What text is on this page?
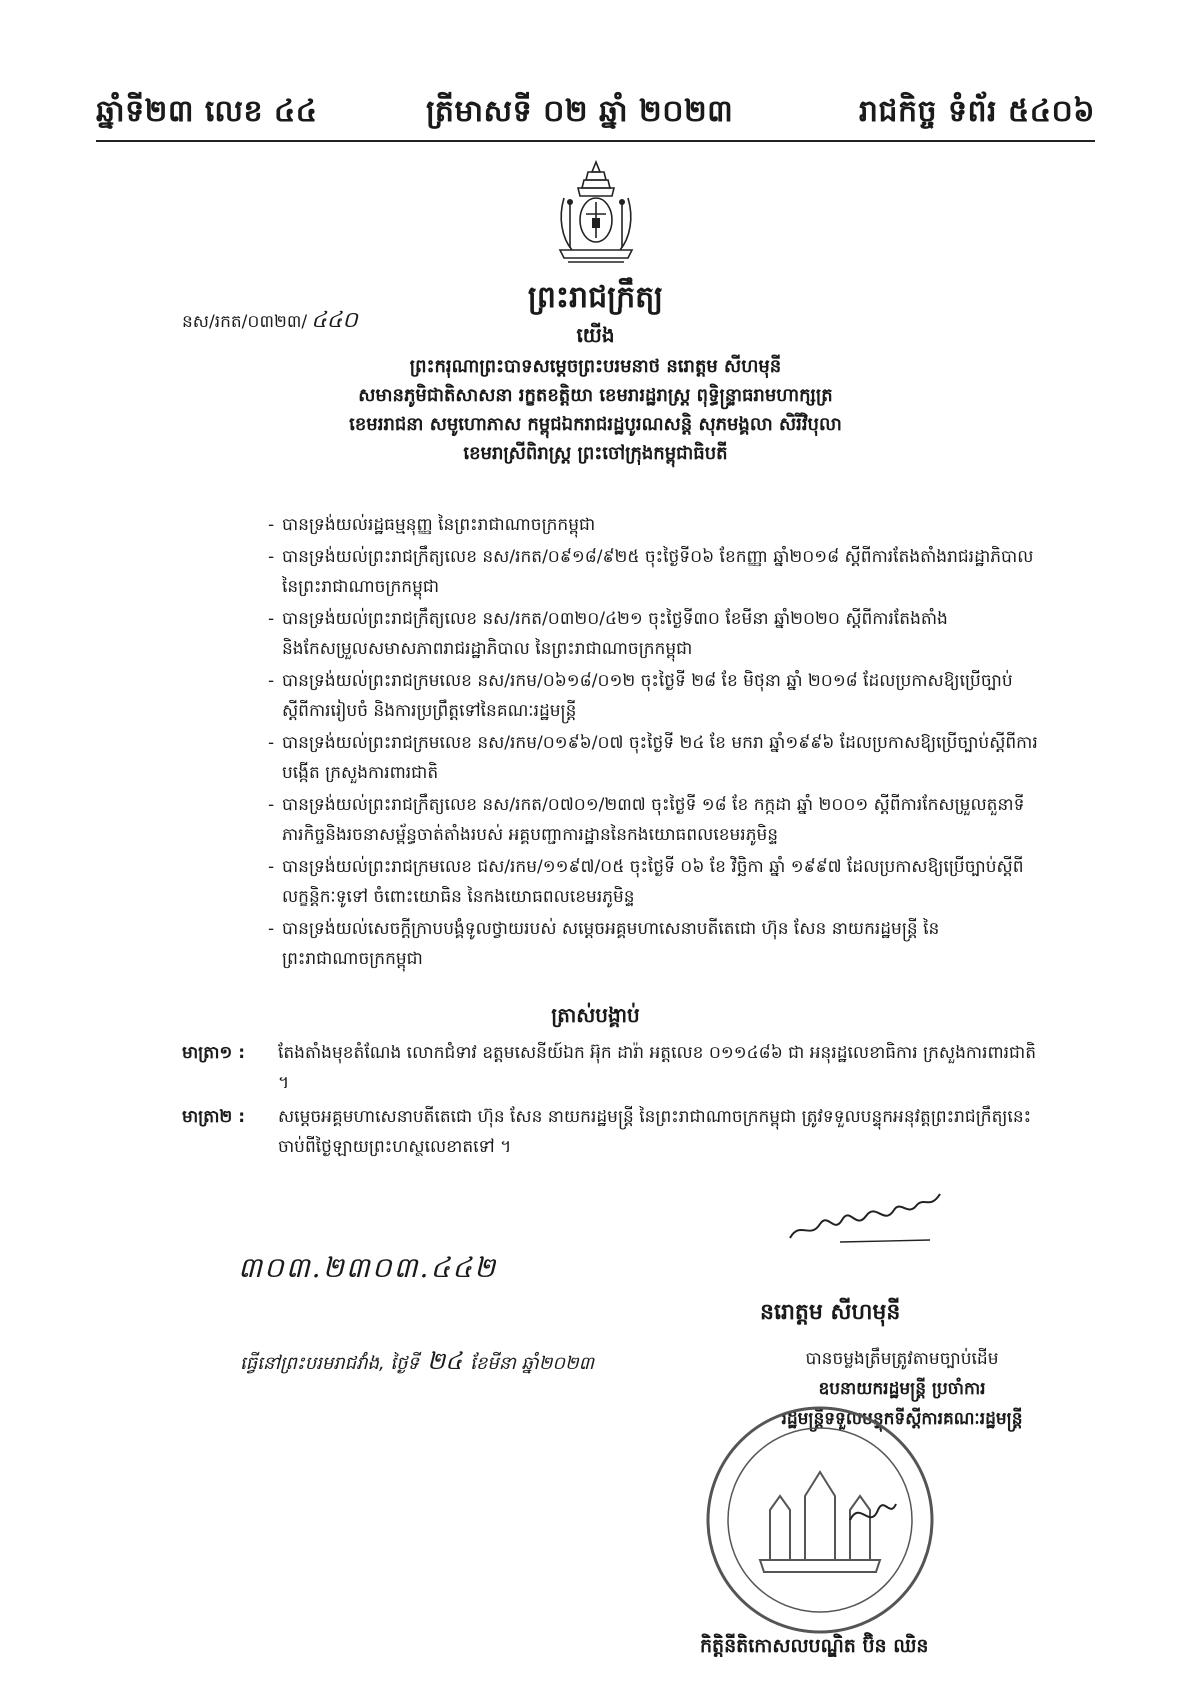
ឆ្នាំទី២៣ លេខ ៤៤	ត្រីមាសទី ០២ ឆ្នាំ ២០២៣	រាជកិច្ច ទំព័រ ៥៤០៦
ព្រះរាជក្រឹត្យ
នស/រកត/០៣២៣/ ៤៤០
យើង
ព្រះករុណាព្រះបាទសម្តេចព្រះបរមនាថ នរោត្តម សីហមុនី
សមានភូមិជាតិសាសនា រក្ខតខត្តិយា ខេមរារដ្ឋរាស្ត្រ ពុទ្ធិន្ទ្រាធរាមហាក្សត្រ
ខេមររាជនា សមូហោភាស កម្ពុជឯករាជរដ្ឋបូរណសន្តិ សុភមង្គលា សិរីវិបុលា
ខេមរាស្រីពិរាស្ត្រ ព្រះចៅក្រុងកម្ពុជាធិបតី
- បានទ្រង់យល់រដ្ឋធម្មនុញ្ញ នៃព្រះរាជាណាចក្រកម្ពុជា
- បានទ្រង់យល់ព្រះរាជក្រឹត្យលេខ នស/រកត/០៩១៨/៩២៥ ចុះថ្ងៃទី០៦ ខែកញ្ញា ឆ្នាំ២០១៨ ស្តីពីការតែងតាំងរាជរដ្ឋាភិបាល នៃព្រះរាជាណាចក្រកម្ពុជា
- បានទ្រង់យល់ព្រះរាជក្រឹត្យលេខ នស/រកត/០៣២០/៤២១ ចុះថ្ងៃទី៣០ ខែមីនា ឆ្នាំ២០២០ ស្តីពីការតែងតាំង និងកែសម្រួលសមាសភាពរាជរដ្ឋាភិបាល នៃព្រះរាជាណាចក្រកម្ពុជា
- បានទ្រង់យល់ព្រះរាជក្រមលេខ នស/រកម/០៦១៨/០១២ ចុះថ្ងៃទី ២៨ ខែ មិថុនា ឆ្នាំ ២០១៨ ដែលប្រកាសឱ្យប្រើច្បាប់ ស្តីពីការរៀបចំ និងការប្រព្រឹត្តទៅនៃគណៈរដ្ឋមន្ត្រី
- បានទ្រង់យល់ព្រះរាជក្រមលេខ នស/រកម/០១៩៦/០៧ ចុះថ្ងៃទី ២៤ ខែ មករា ឆ្នាំ១៩៩៦ ដែលប្រកាសឱ្យប្រើច្បាប់ស្តីពីការបង្កើត ក្រសួងការពារជាតិ
- បានទ្រង់យល់ព្រះរាជក្រឹត្យលេខ នស/រកត/០៧០១/២៣៧ ចុះថ្ងៃទី ១៨ ខែ កក្កដា ឆ្នាំ ២០០១ ស្តីពីការកែសម្រួលតួនាទីភារកិច្ចនិងរចនាសម្ព័ន្ធចាត់តាំងរបស់ អគ្គបញ្ជាការដ្ឋាននៃកងយោធពលខេមរភូមិន្ទ
- បានទ្រង់យល់ព្រះរាជក្រមលេខ ជស/រកម/១១៩៧/០៥ ចុះថ្ងៃទី ០៦ ខែ វិច្ឆិកា ឆ្នាំ ១៩៩៧ ដែលប្រកាសឱ្យប្រើច្បាប់ស្តីពីលក្ខន្តិកៈទូទៅ ចំពោះយោធិន នៃកងយោធពលខេមរភូមិន្ទ
- បានទ្រង់យល់សេចក្តីក្រាបបង្គំទូលថ្វាយរបស់ សម្តេចអគ្គមហាសេនាបតីតេជោ ហ៊ុន សែន នាយករដ្ឋមន្ត្រី នៃព្រះរាជាណាចក្រកម្ពុជា
ត្រាស់បង្គាប់
មាត្រា១ :	តែងតាំងមុខតំណែង លោកជំទាវ ឧត្តមសេនីយ៍ឯក អ៊ុក ដារ៉ា អត្តលេខ ០១១៤៨៦ ជា អនុរដ្ឋលេខាធិការ ក្រសួងការពារជាតិ ។
មាត្រា២ :	សម្តេចអគ្គមហាសេនាបតីតេជោ ហ៊ុន សែន នាយករដ្ឋមន្ត្រី នៃព្រះរាជាណាចក្រកម្ពុជា ត្រូវទទួលបន្ទុកអនុវត្តព្រះរាជក្រឹត្យនេះ ចាប់ពីថ្ងៃឡាយព្រះហស្ថលេខាតទៅ ។
៣០៣.២៣០៣.៤៤២
នរោត្តម សីហមុនី
ធ្វើនៅព្រះបរមរាជវាំង, ថ្ងៃទី ២៤ ខែមីនា ឆ្នាំ២០២៣	បានចម្លងត្រឹមត្រូវតាមច្បាប់ដើម
ឧបនាយករដ្ឋមន្ត្រី ប្រចាំការ
រដ្ឋមន្ត្រីទទួលបន្ទុកទីស្តីការគណៈរដ្ឋមន្ត្រី
កិត្តិនីតិកោសលបណ្ឌិត ប៊ិន ឈិន
